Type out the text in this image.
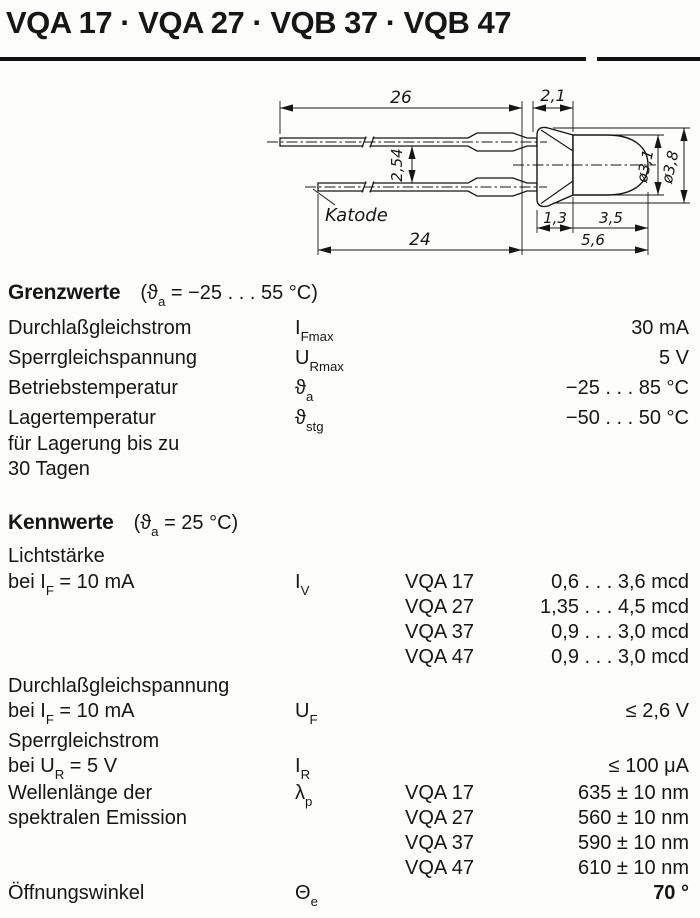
VQA 17 · VQA 27 · VQB 37 · VQB 47
26	2,1
2,54	ø3,1 ø3,8
1,3 3,5
5,6
24
Katode
Grenzwerte ($ϑ_a = -25$ . . . 55 °C)
Durchlaßgleichstrom	$I_{Fmax}$	30 mA
Sperrgleichspannung	$U_{Rmax}$	5 V
Betriebstemperatur	$ϑ_a$	−25 . . . 85 °C
Lagertemperatur
für Lagerung bis zu
30 Tagen
$ϑ_{stg}$	−50 . . . 50 °C
Kennwerte ($ϑ_a = 25$ °C)
Lichtstärke
bei $I_F = 10$ mA	$I_V$	VQA 17	0,6 . . . 3,6 mcd
VQA 27	1,35 . . . 4,5 mcd
VQA 37	0,9 . . . 3,0 mcd
VQA 47	0,9 . . . 3,0 mcd
Durchlaßgleichspannung
bei $I_F = 10$ mA	$U_F$	≤ 2,6 V
Sperrgleichstrom
bei $U_R = 5$ V	$I_R$	≤ 100 μA
Wellenlänge der
spektralen Emission
$\lambda_p$	VQA 17	635 ± 10 nm
VQA 27	560 ± 10 nm
VQA 37	590 ± 10 nm
VQA 47	610 ± 10 nm
Öffnungswinkel	$\Theta_e$	70 °
